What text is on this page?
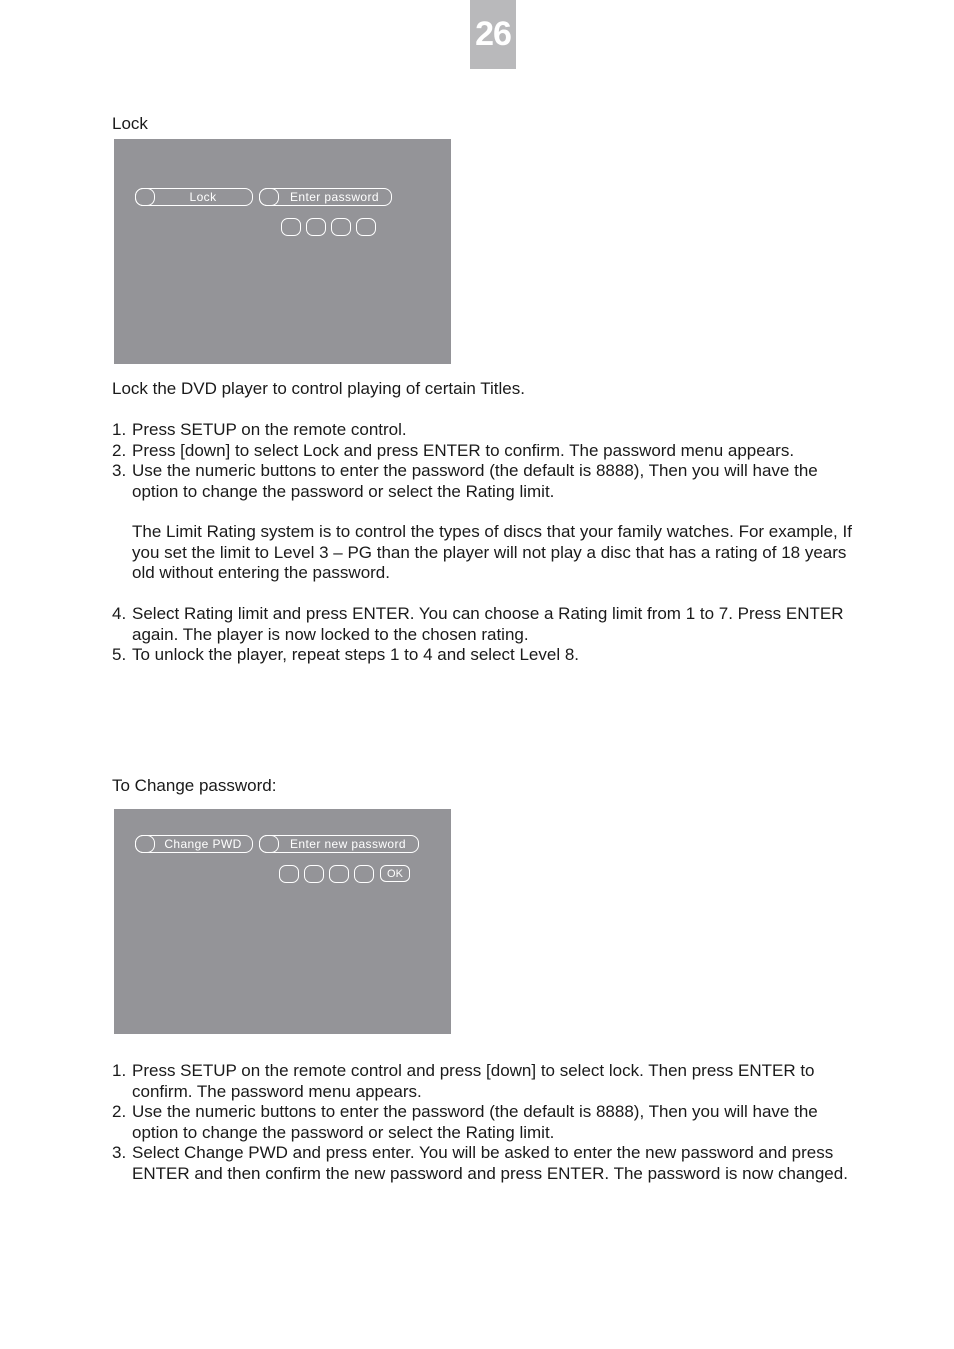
26
Lock
Lock	Enter password
Lock the DVD player to control playing of certain Titles.
1. Press SETUP on the remote control.
2. Press [down] to select Lock and press ENTER to confirm. The password menu appears.
3. Use the numeric buttons to enter the password (the default is 8888), Then you will have the option to change the password or select the Rating limit.
The Limit Rating system is to control the types of discs that your family watches. For example, If you set the limit to Level 3 – PG than the player will not play a disc that has a rating of 18 years old without entering the password.
4. Select Rating limit and press ENTER. You can choose a Rating limit from 1 to 7. Press ENTER again. The player is now locked to the chosen rating.
5. To unlock the player, repeat steps 1 to 4 and select Level 8.
To Change password:
Change PWD	Enter new password
OK
1. Press SETUP on the remote control and press [down] to select lock. Then press ENTER to confirm. The password menu appears.
2. Use the numeric buttons to enter the password (the default is 8888), Then you will have the option to change the password or select the Rating limit.
3. Select Change PWD and press enter. You will be asked to enter the new password and press ENTER and then confirm the new password and press ENTER. The password is now changed.
